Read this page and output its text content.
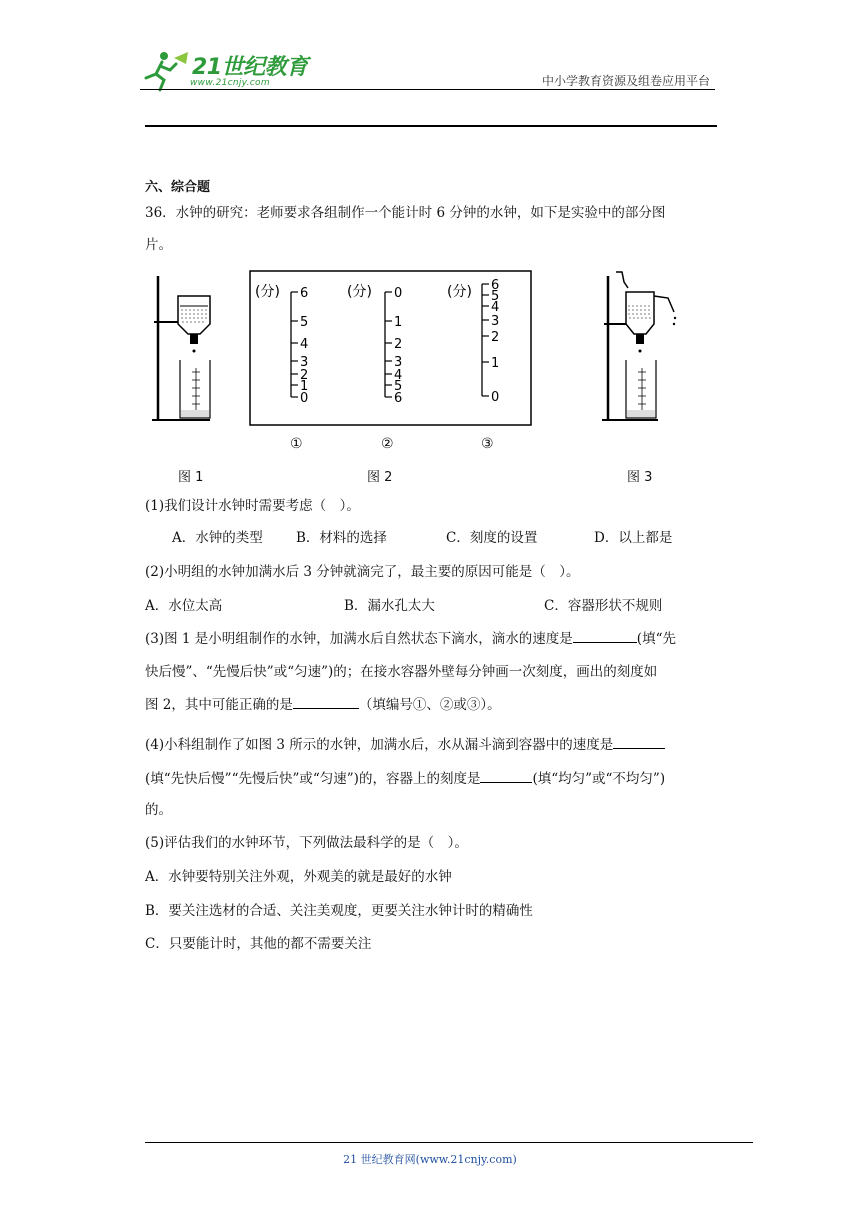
21世纪教育
www.21cnjy.com	中小学教育资源及组卷应用平台
六、综合题
36．水钟的研究：老师要求各组制作一个能计时 6 分钟的水钟，如下是实验中的部分图
片。
图 1
(分) 6
5
4
3
2
1
0
(分) 0
1
2
3
4
5
6
(分) 6
5
4
3
2
1
0
①	②	③
图 2	图 3
(1)我们设计水钟时需要考虑（　）。
A．水钟的类型 B．材料的选择	C．刻度的设置	D．以上都是
(2)小明组的水钟加满水后 3 分钟就滴完了，最主要的原因可能是（　）。
A．水位太高	B．漏水孔太大	C．容器形状不规则
(3)图 1 是小明组制作的水钟，加满水后自然状态下滴水，滴水的速度是	(填“先
快后慢”、“先慢后快”或“匀速”)的；在接水容器外壁每分钟画一次刻度，画出的刻度如
图 2，其中可能正确的是	（填编号①、②或③）。
(4)小科组制作了如图 3 所示的水钟，加满水后，水从漏斗滴到容器中的速度是
(填“先快后慢”“先慢后快”或“匀速”)的，容器上的刻度是	(填“均匀”或“不均匀”)
的。
(5)评估我们的水钟环节，下列做法最科学的是（　）。
A．水钟要特别关注外观，外观美的就是最好的水钟
B．要关注选材的合适、关注美观度，更要关注水钟计时的精确性
C．只要能计时，其他的都不需要关注
21 世纪教育网(www.21cnjy.com)
